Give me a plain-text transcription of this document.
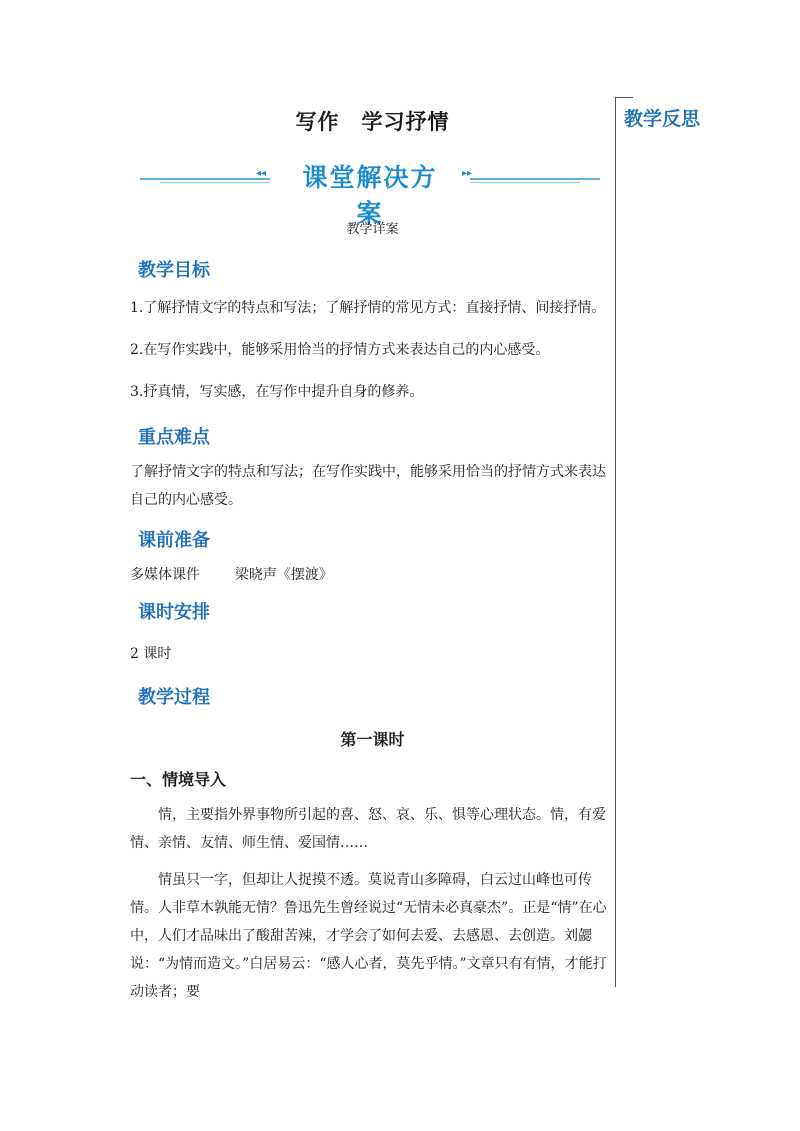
教学反思
写作 学习抒情
◂◂	▸▸
课堂解决方案
教学详案
教学目标
1.了解抒情文字的特点和写法；了解抒情的常见方式：直接抒情、间接抒情。
2.在写作实践中，能够采用恰当的抒情方式来表达自己的内心感受。
3.抒真情，写实感，在写作中提升自身的修养。
重点难点
了解抒情文字的特点和写法；在写作实践中，能够采用恰当的抒情方式来表达自己的内心感受。
课前准备
多媒体课件 梁晓声《摆渡》
课时安排
2 课时
教学过程
第一课时
一、情境导入
情，主要指外界事物所引起的喜、怒、哀、乐、惧等心理状态。情，有爱情、亲情、友情、师生情、爱国情……
情虽只一字，但却让人捉摸不透。莫说青山多障碍，白云过山峰也可传情。人非草木孰能无情？鲁迅先生曾经说过“无情未必真豪杰”。正是“情”在心中，人们才品味出了酸甜苦辣，才学会了如何去爱、去感恩、去创造。刘勰说：“为情而造文。”白居易云：“感人心者，莫先乎情。”文章只有有情，才能打动读者；要
